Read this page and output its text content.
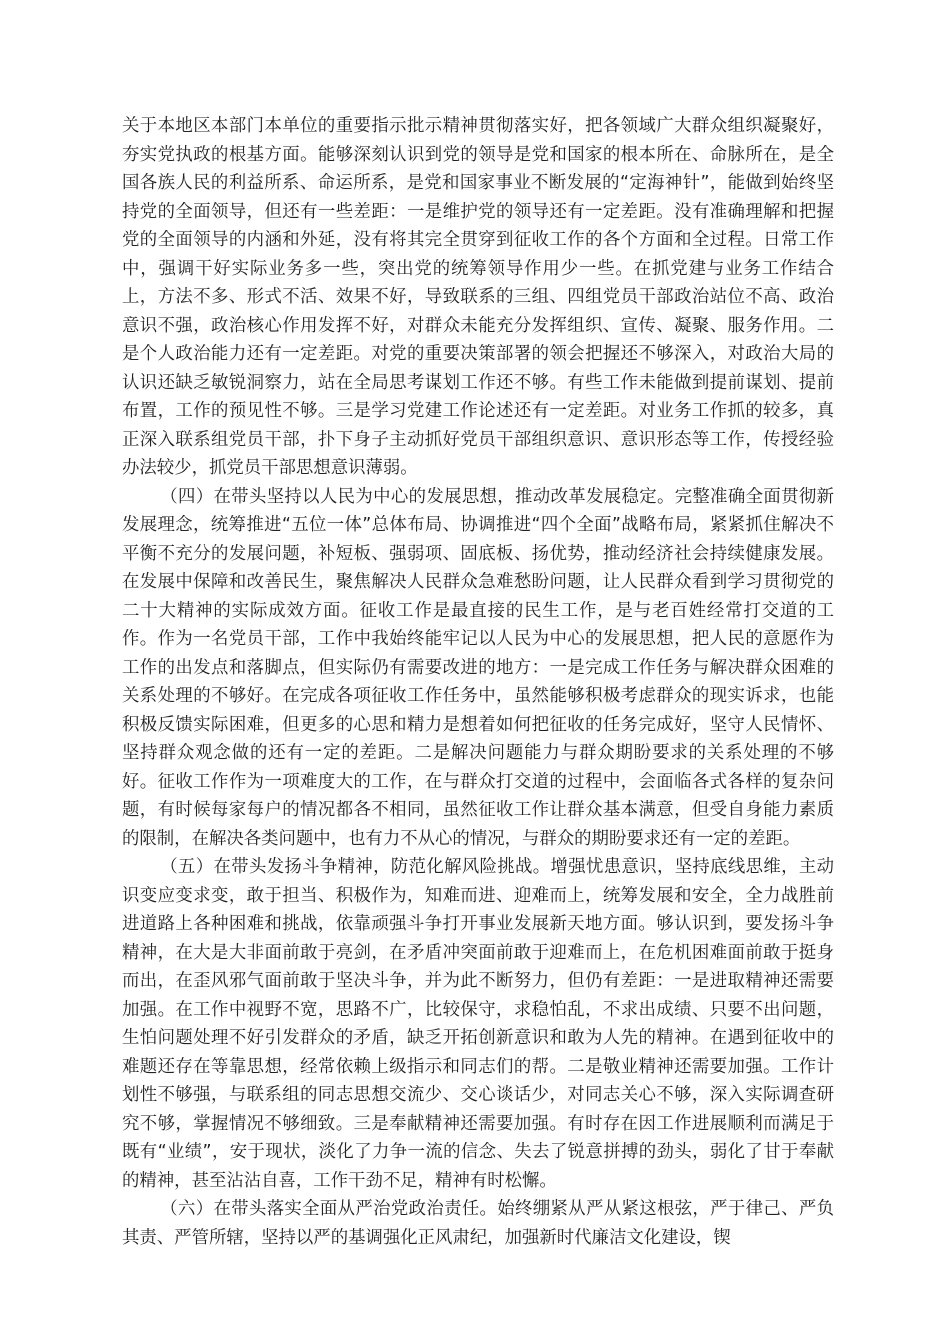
关于本地区本部门本单位的重要指示批示精神贯彻落实好，把各领域广大群众组织凝聚好，夯实党执政的根基方面。能够深刻认识到党的领导是党和国家的根本所在、命脉所在，是全国各族人民的利益所系、命运所系，是党和国家事业不断发展的“定海神针”，能做到始终坚持党的全面领导，但还有一些差距：一是维护党的领导还有一定差距。没有准确理解和把握党的全面领导的内涵和外延，没有将其完全贯穿到征收工作的各个方面和全过程。日常工作中，强调干好实际业务多一些，突出党的统筹领导作用少一些。在抓党建与业务工作结合上，方法不多、形式不活、效果不好，导致联系的三组、四组党员干部政治站位不高、政治意识不强，政治核心作用发挥不好，对群众未能充分发挥组织、宣传、凝聚、服务作用。二是个人政治能力还有一定差距。对党的重要决策部署的领会把握还不够深入，对政治大局的认识还缺乏敏锐洞察力，站在全局思考谋划工作还不够。有些工作未能做到提前谋划、提前布置，工作的预见性不够。三是学习党建工作论述还有一定差距。对业务工作抓的较多，真正深入联系组党员干部，扑下身子主动抓好党员干部组织意识、意识形态等工作，传授经验办法较少，抓党员干部思想意识薄弱。

（四）在带头坚持以人民为中心的发展思想，推动改革发展稳定。完整准确全面贯彻新发展理念，统筹推进“五位一体”总体布局、协调推进“四个全面”战略布局，紧紧抓住解决不平衡不充分的发展问题，补短板、强弱项、固底板、扬优势，推动经济社会持续健康发展。在发展中保障和改善民生，聚焦解决人民群众急难愁盼问题，让人民群众看到学习贯彻党的二十大精神的实际成效方面。征收工作是最直接的民生工作，是与老百姓经常打交道的工作。作为一名党员干部，工作中我始终能牢记以人民为中心的发展思想，把人民的意愿作为工作的出发点和落脚点，但实际仍有需要改进的地方：一是完成工作任务与解决群众困难的关系处理的不够好。在完成各项征收工作任务中，虽然能够积极考虑群众的现实诉求，也能积极反馈实际困难，但更多的心思和精力是想着如何把征收的任务完成好，坚守人民情怀、坚持群众观念做的还有一定的差距。二是解决问题能力与群众期盼要求的关系处理的不够好。征收工作作为一项难度大的工作，在与群众打交道的过程中，会面临各式各样的复杂问题，有时候每家每户的情况都各不相同，虽然征收工作让群众基本满意，但受自身能力素质的限制，在解决各类问题中，也有力不从心的情况，与群众的期盼要求还有一定的差距。

（五）在带头发扬斗争精神，防范化解风险挑战。增强忧患意识，坚持底线思维，主动识变应变求变，敢于担当、积极作为，知难而进、迎难而上，统筹发展和安全，全力战胜前进道路上各种困难和挑战，依靠顽强斗争打开事业发展新天地方面。够认识到，要发扬斗争精神，在大是大非面前敢于亮剑，在矛盾冲突面前敢于迎难而上，在危机困难面前敢于挺身而出，在歪风邪气面前敢于坚决斗争，并为此不断努力，但仍有差距：一是进取精神还需要加强。在工作中视野不宽，思路不广，比较保守，求稳怕乱，不求出成绩、只要不出问题，生怕问题处理不好引发群众的矛盾，缺乏开拓创新意识和敢为人先的精神。在遇到征收中的难题还存在等靠思想，经常依赖上级指示和同志们的帮。二是敬业精神还需要加强。工作计划性不够强，与联系组的同志思想交流少、交心谈话少，对同志关心不够，深入实际调查研究不够，掌握情况不够细致。三是奉献精神还需要加强。有时存在因工作进展顺利而满足于既有“业绩”，安于现状，淡化了力争一流的信念、失去了锐意拼搏的劲头，弱化了甘于奉献的精神，甚至沾沾自喜，工作干劲不足，精神有时松懈。

（六）在带头落实全面从严治党政治责任。始终绷紧从严从紧这根弦，严于律己、严负其责、严管所辖，坚持以严的基调强化正风肃纪，加强新时代廉洁文化建设，锲
